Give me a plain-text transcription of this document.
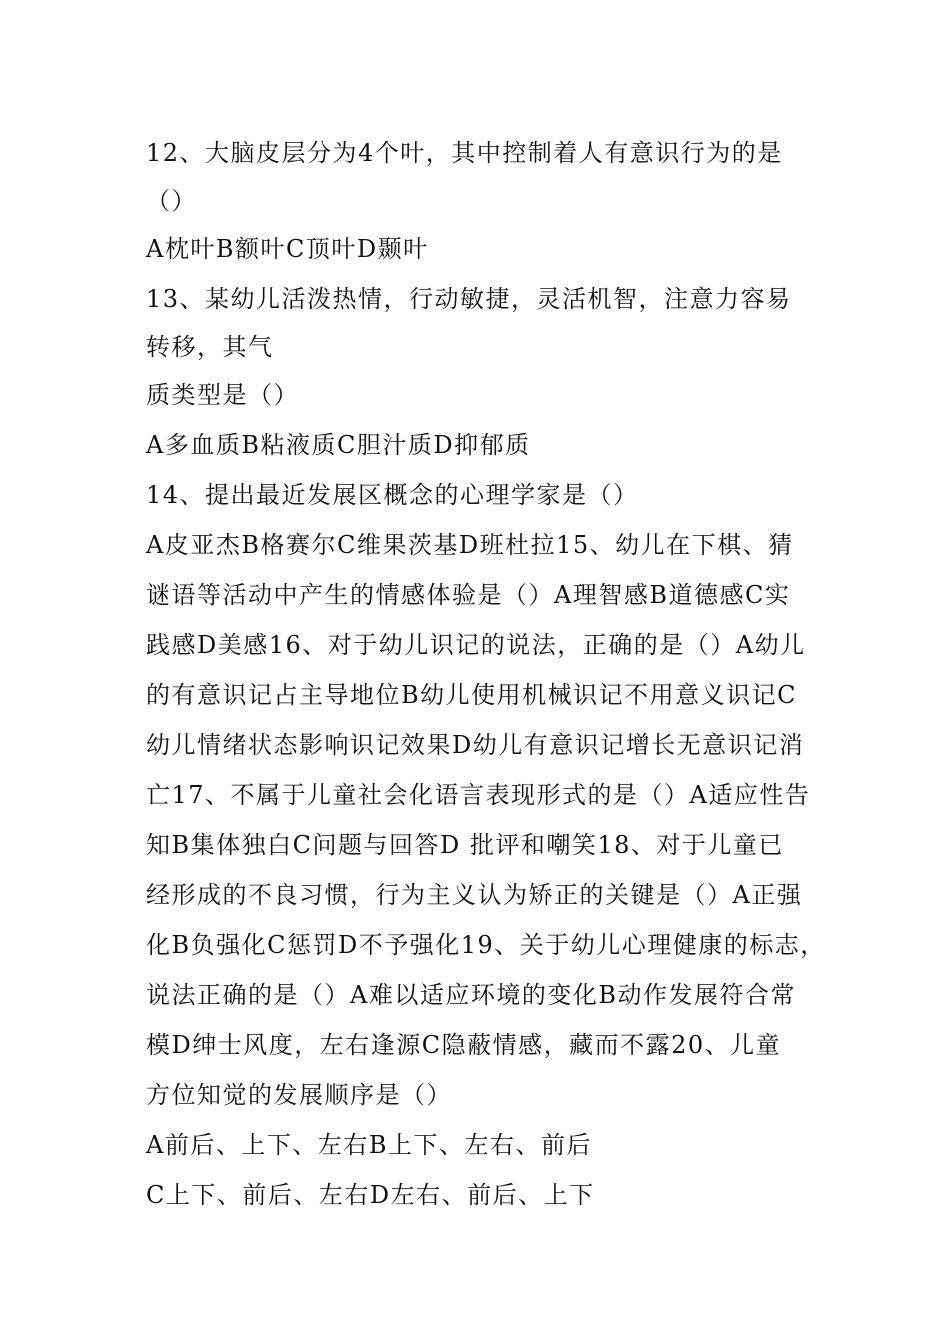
12、大脑皮层分为4个叶，其中控制着人有意识行为的是
（）
A枕叶B额叶C顶叶D颞叶
13、某幼儿活泼热情，行动敏捷，灵活机智，注意力容易
转移，其气
质类型是（）
A多血质B粘液质C胆汁质D抑郁质
14、提出最近发展区概念的心理学家是（）
A皮亚杰B格赛尔C维果茨基D班杜拉15、幼儿在下棋、猜
谜语等活动中产生的情感体验是（）A理智感B道德感C实
践感D美感16、对于幼儿识记的说法，正确的是（）A幼儿
的有意识记占主导地位B幼儿使用机械识记不用意义识记C
幼儿情绪状态影响识记效果D幼儿有意识记增长无意识记消
亡17、不属于儿童社会化语言表现形式的是（）A适应性告
知B集体独白C问题与回答D 批评和嘲笑18、对于儿童已
经形成的不良习惯，行为主义认为矫正的关键是（）A正强
化B负强化C惩罚D不予强化19、关于幼儿心理健康的标志，
说法正确的是（）A难以适应环境的变化B动作发展符合常
模D绅士风度，左右逢源C隐蔽情感，藏而不露20、儿童
方位知觉的发展顺序是（）
A前后、上下、左右B上下、左右、前后
C上下、前后、左右D左右、前后、上下
